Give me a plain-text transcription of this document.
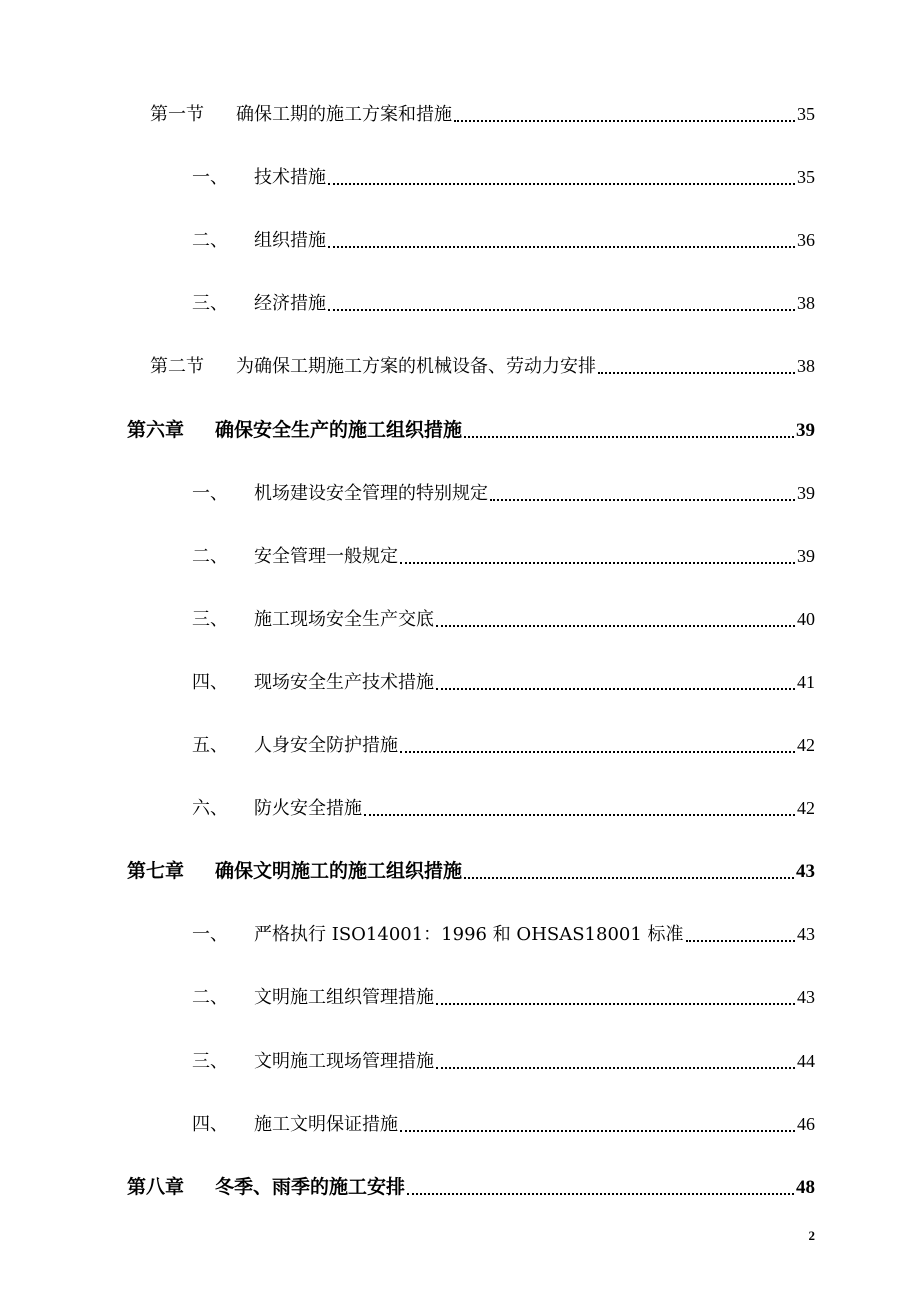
第一节	确保工期的施工方案和措施	35
一、	技术措施	35
二、	组织措施	36
三、	经济措施	38
第二节	为确保工期施工方案的机械设备、劳动力安排	38
第六章	确保安全生产的施工组织措施	39
一、	机场建设安全管理的特别规定	39
二、	安全管理一般规定	39
三、	施工现场安全生产交底	40
四、	现场安全生产技术措施	41
五、	人身安全防护措施	42
六、	防火安全措施	42
第七章	确保文明施工的施工组织措施	43
一、	严格执行 ISO14001：1996 和 OHSAS18001 标准	43
二、	文明施工组织管理措施	43
三、	文明施工现场管理措施	44
四、	施工文明保证措施	46
第八章	冬季、雨季的施工安排	48
2
